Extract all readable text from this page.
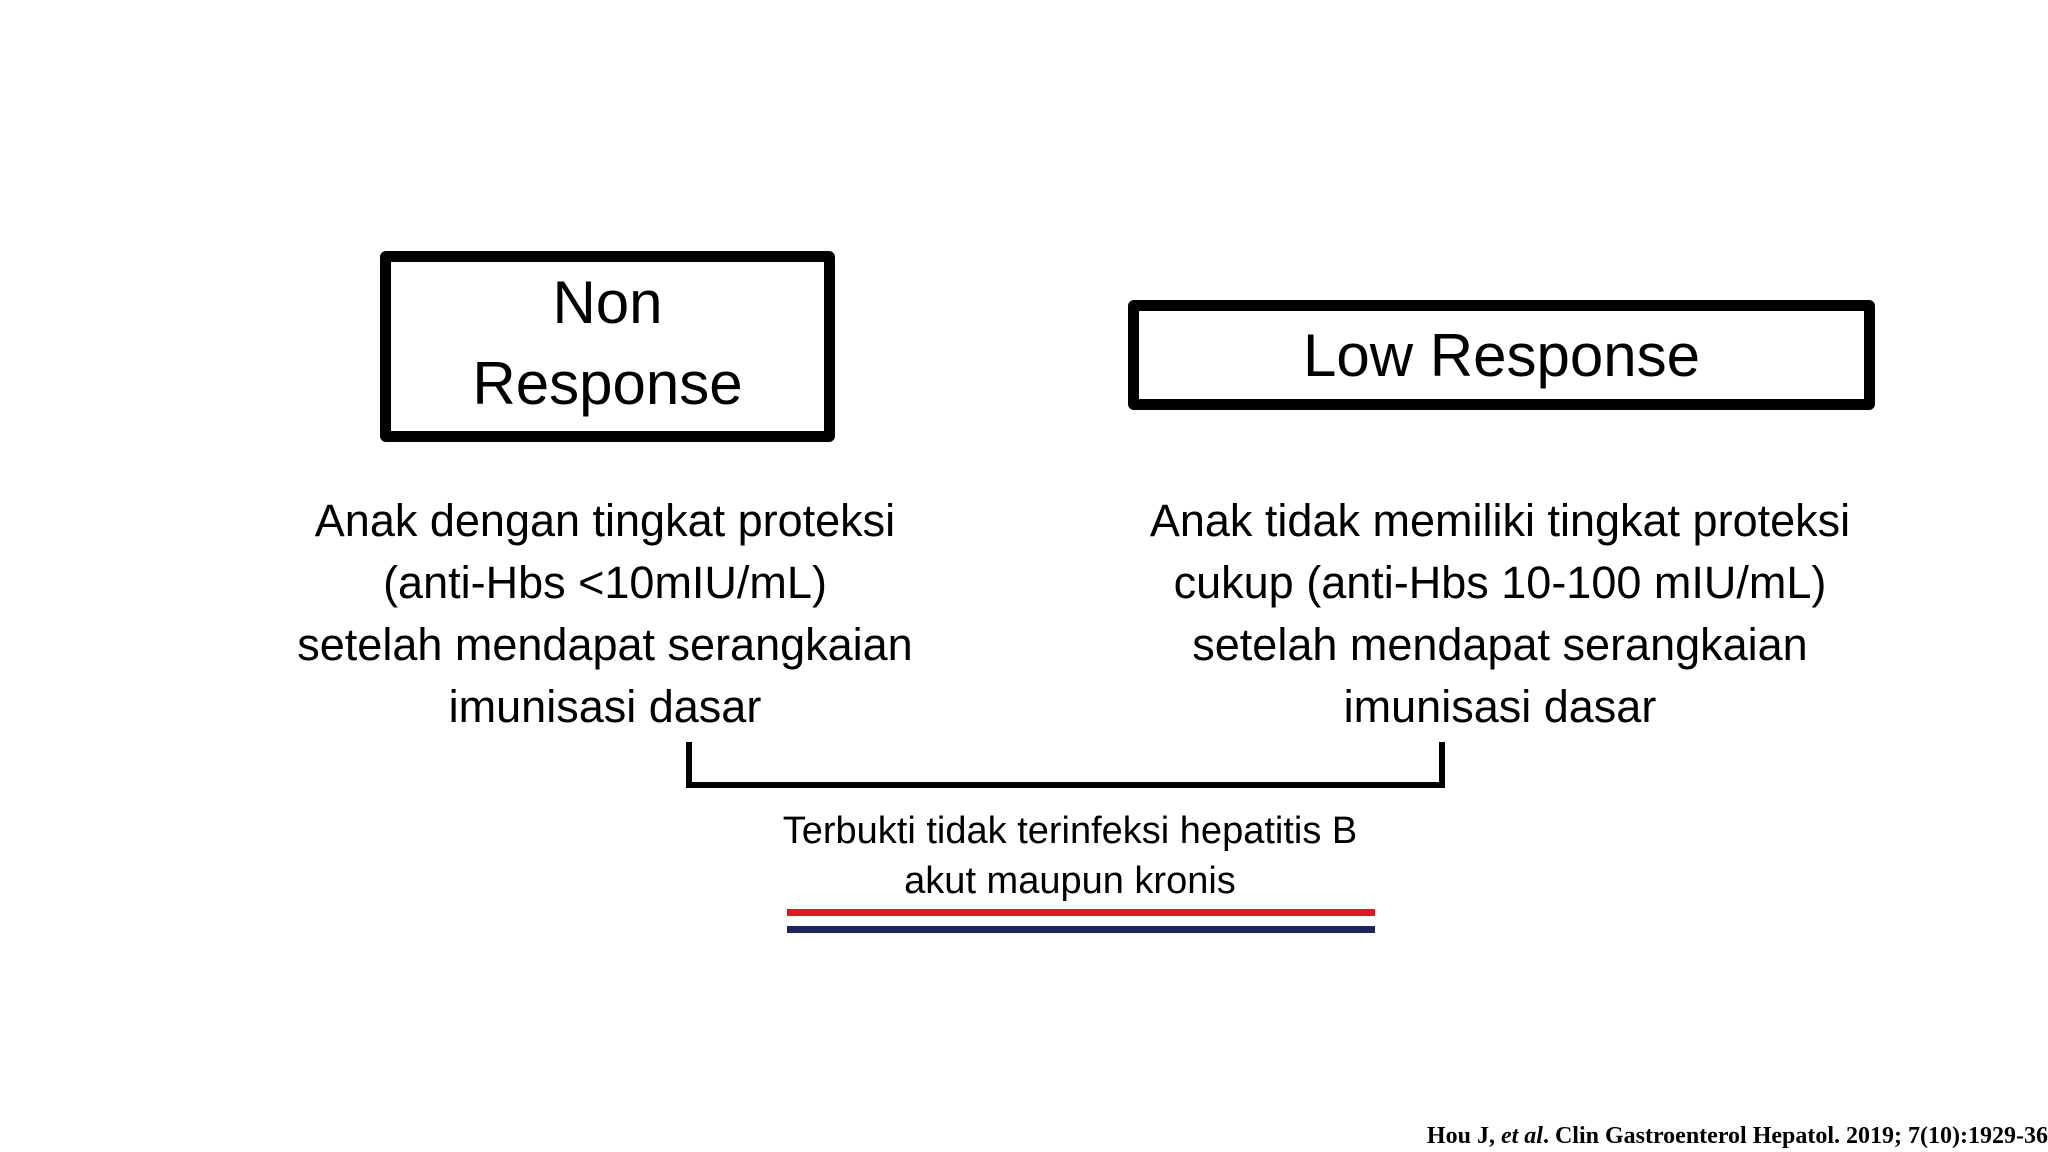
Non
Response	Low Response
Anak dengan tingkat proteksi
(anti-Hbs <10mIU/mL)
setelah mendapat serangkaian
imunisasi dasar
Anak tidak memiliki tingkat proteksi
cukup (anti-Hbs 10-100 mIU/mL)
setelah mendapat serangkaian
imunisasi dasar
Terbukti tidak terinfeksi hepatitis B
akut maupun kronis
Hou J, et al. Clin Gastroenterol Hepatol. 2019; 7(10):1929-36
